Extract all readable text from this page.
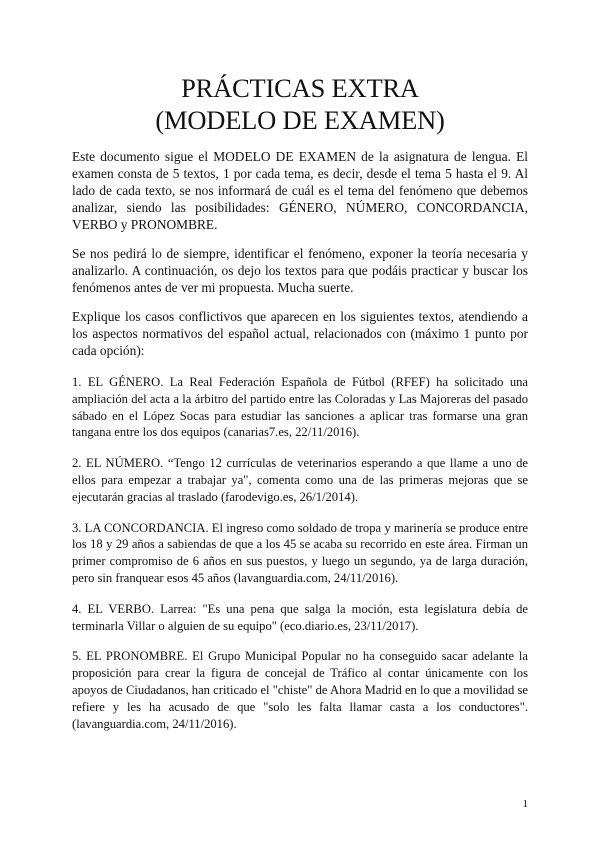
PRÁCTICAS EXTRA
(MODELO DE EXAMEN)

Este documento sigue el MODELO DE EXAMEN de la asignatura de lengua. El examen consta de 5 textos, 1 por cada tema, es decir, desde el tema 5 hasta el 9. Al lado de cada texto, se nos informará de cuál es el tema del fenómeno que debemos analizar, siendo las posibilidades: GÉNERO, NÚMERO, CONCORDANCIA, VERBO y PRONOMBRE.

Se nos pedirá lo de siempre, identificar el fenómeno, exponer la teoría necesaria y analizarlo. A continuación, os dejo los textos para que podáis practicar y buscar los fenómenos antes de ver mi propuesta. Mucha suerte.

Explique los casos conflictivos que aparecen en los siguientes textos, atendiendo a los aspectos normativos del español actual, relacionados con (máximo 1 punto por cada opción):

1. EL GÉNERO. La Real Federación Española de Fútbol (RFEF) ha solicitado una ampliación del acta a la árbitro del partido entre las Coloradas y Las Majoreras del pasado sábado en el López Socas para estudiar las sanciones a aplicar tras formarse una gran tangana entre los dos equipos (canarias7.es, 22/11/2016).

2. EL NÚMERO. “Tengo 12 currículas de veterinarios esperando a que llame a uno de ellos para empezar a trabajar ya", comenta como una de las primeras mejoras que se ejecutarán gracias al traslado (farodevigo.es, 26/1/2014).

3. LA CONCORDANCIA. El ingreso como soldado de tropa y marinería se produce entre los 18 y 29 años a sabiendas de que a los 45 se acaba su recorrido en este área. Firman un primer compromiso de 6 años en sus puestos, y luego un segundo, ya de larga duración, pero sin franquear esos 45 años (lavanguardia.com, 24/11/2016).

4. EL VERBO. Larrea: "Es una pena que salga la moción, esta legislatura debía de terminarla Villar o alguien de su equipo" (eco.diario.es, 23/11/2017).

5. EL PRONOMBRE. El Grupo Municipal Popular no ha conseguido sacar adelante la proposición para crear la figura de concejal de Tráfico al contar únicamente con los apoyos de Ciudadanos, han criticado el "chiste" de Ahora Madrid en lo que a movilidad se refiere y les ha acusado de que "solo les falta llamar casta a los conductores". (lavanguardia.com, 24/11/2016).

1
